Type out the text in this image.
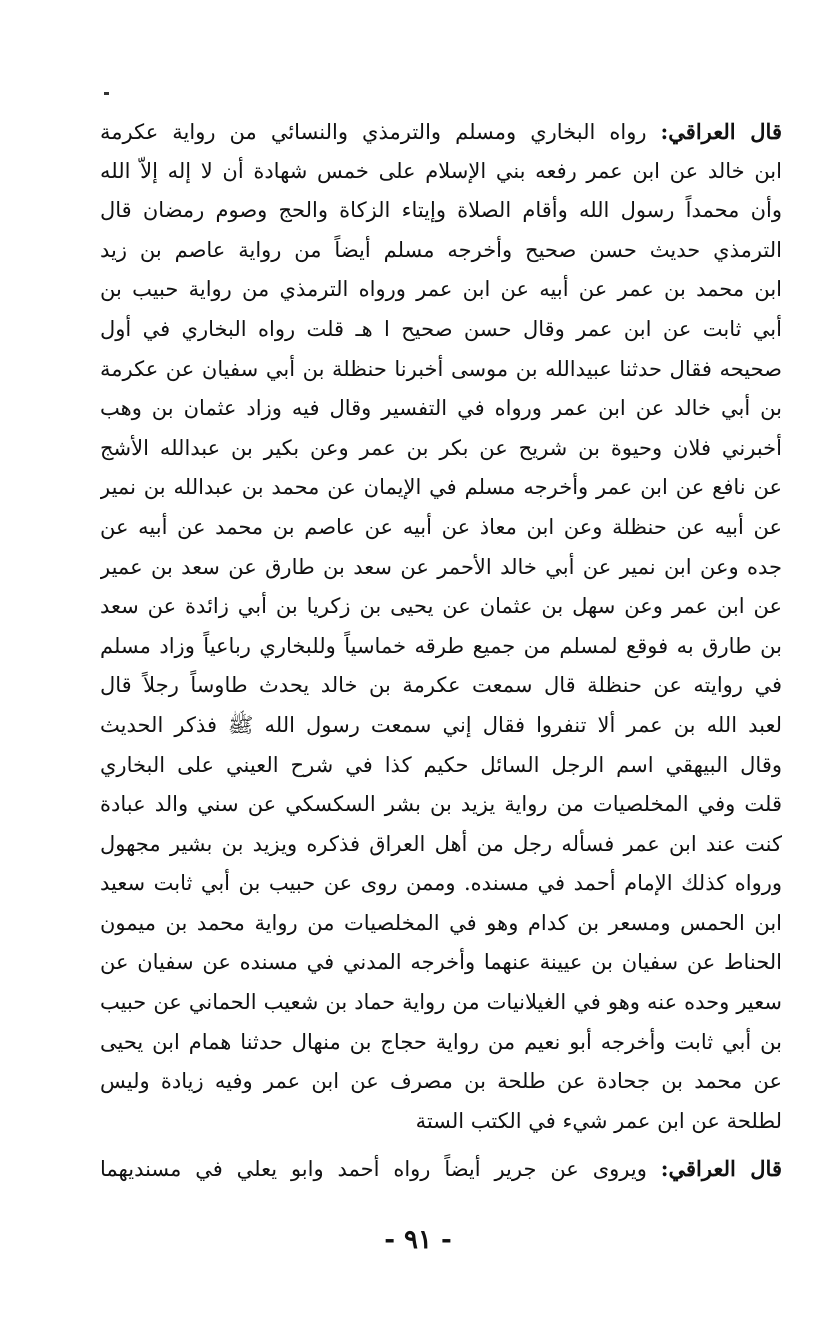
قال العراقي: رواه البخاري ومسلم والترمذي والنسائي من رواية عكرمة
ابن خالد عن ابن عمر رفعه بني الإسلام على خمس شهادة أن لا إله إلاّ الله
وأن محمداً رسول الله وأقام الصلاة وإيتاء الزكاة والحج وصوم رمضان قال
الترمذي حديث حسن صحيح وأخرجه مسلم أيضاً من رواية عاصم بن زيد
ابن محمد بن عمر عن أبيه عن ابن عمر ورواه الترمذي من رواية حبيب بن
أبي ثابت عن ابن عمر وقال حسن صحيح ا هـ قلت رواه البخاري في أول
صحيحه فقال حدثنا عبيدالله بن موسى أخبرنا حنظلة بن أبي سفيان عن عكرمة
بن أبي خالد عن ابن عمر ورواه في التفسير وقال فيه وزاد عثمان بن وهب
أخبرني فلان وحيوة بن شريح عن بكر بن عمر وعن بكير بن عبدالله الأشج
عن نافع عن ابن عمر وأخرجه مسلم في الإيمان عن محمد بن عبدالله بن نمير
عن أبيه عن حنظلة وعن ابن معاذ عن أبيه عن عاصم بن محمد عن أبيه عن
جده وعن ابن نمير عن أبي خالد الأحمر عن سعد بن طارق عن سعد بن عمير
عن ابن عمر وعن سهل بن عثمان عن يحيى بن زكريا بن أبي زائدة عن سعد
بن طارق به فوقع لمسلم من جميع طرقه خماسياً وللبخاري رباعياً وزاد مسلم
في روايته عن حنظلة قال سمعت عكرمة بن خالد يحدث طاوساً رجلاً قال
لعبد الله بن عمر ألا تنفروا فقال إني سمعت رسول الله ﷺ فذكر الحديث
وقال البيهقي اسم الرجل السائل حكيم كذا في شرح العيني على البخاري
قلت وفي المخلصيات من رواية يزيد بن بشر السكسكي عن سني والد عبادة
كنت عند ابن عمر فسأله رجل من أهل العراق فذكره ويزيد بن بشير مجهول
ورواه كذلك الإمام أحمد في مسنده. وممن روى عن حبيب بن أبي ثابت سعيد
ابن الحمس ومسعر بن كدام وهو في المخلصيات من رواية محمد بن ميمون
الحناط عن سفيان بن عيينة عنهما وأخرجه المدني في مسنده عن سفيان عن
سعير وحده عنه وهو في الغيلانيات من رواية حماد بن شعيب الحماني عن حبيب
بن أبي ثابت وأخرجه أبو نعيم من رواية حجاج بن منهال حدثنا همام ابن يحيى
عن محمد بن جحادة عن طلحة بن مصرف عن ابن عمر وفيه زيادة وليس
لطلحة عن ابن عمر شيء في الكتب الستة
قال العراقي: ويروى عن جرير أيضاً رواه أحمد وابو يعلي في مسنديهما
- ٩١ -
